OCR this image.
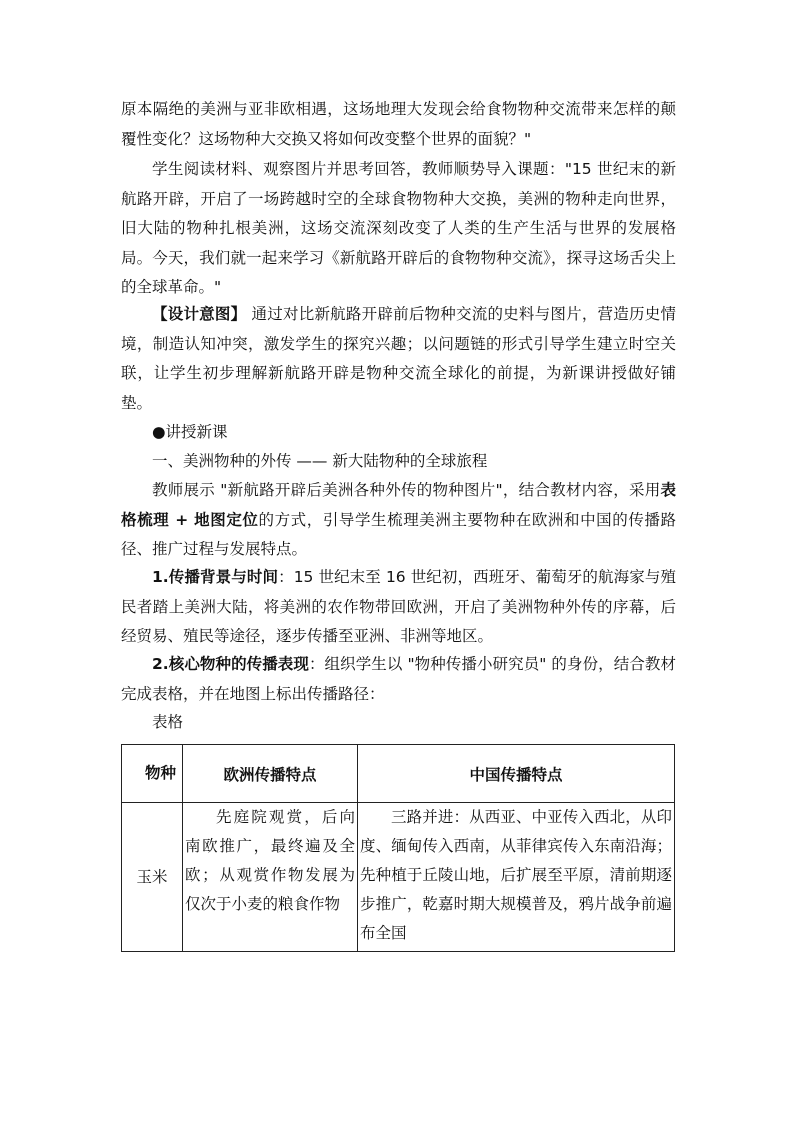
原本隔绝的美洲与亚非欧相遇，这场地理大发现会给食物物种交流带来怎样的颠覆性变化？这场物种大交换又将如何改变整个世界的面貌？"

学生阅读材料、观察图片并思考回答，教师顺势导入课题："15 世纪末的新航路开辟，开启了一场跨越时空的全球食物物种大交换，美洲的物种走向世界，旧大陆的物种扎根美洲，这场交流深刻改变了人类的生产生活与世界的发展格局。今天，我们就一起来学习《新航路开辟后的食物物种交流》，探寻这场舌尖上的全球革命。"

【设计意图】 通过对比新航路开辟前后物种交流的史料与图片，营造历史情境，制造认知冲突，激发学生的探究兴趣；以问题链的形式引导学生建立时空关联，让学生初步理解新航路开辟是物种交流全球化的前提，为新课讲授做好铺垫。

●讲授新课

一、美洲物种的外传 —— 新大陆物种的全球旅程

教师展示 "新航路开辟后美洲各种外传的物种图片"，结合教材内容，采用表格梳理 + 地图定位的方式，引导学生梳理美洲主要物种在欧洲和中国的传播路径、推广过程与发展特点。

1.传播背景与时间：15 世纪末至 16 世纪初，西班牙、葡萄牙的航海家与殖民者踏上美洲大陆，将美洲的农作物带回欧洲，开启了美洲物种外传的序幕，后经贸易、殖民等途径，逐步传播至亚洲、非洲等地区。

2.核心物种的传播表现：组织学生以 "物种传播小研究员" 的身份，结合教材完成表格，并在地图上标出传播路径：

表格

物种	欧洲传播特点	中国传播特点
玉米	先庭院观赏，后向南欧推广，最终遍及全欧；从观赏作物发展为仅次于小麦的粮食作物	三路并进：从西亚、中亚传入西北，从印度、缅甸传入西南，从菲律宾传入东南沿海；先种植于丘陵山地，后扩展至平原，清前期逐步推广，乾嘉时期大规模普及，鸦片战争前遍布全国
